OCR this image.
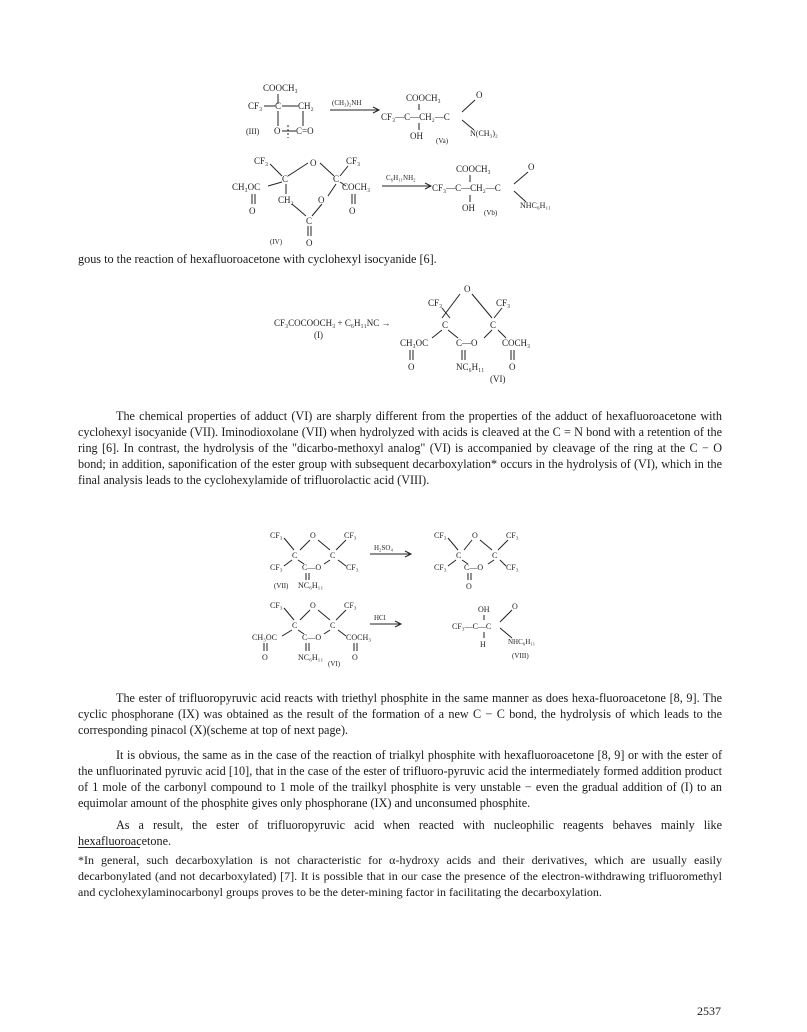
COOCH₃
CF₃ C CH₂
(III) O C=O
(CH₃)₂NH	COOCH₃
CF₃—C—CH₂—C
O
N(CH₃)₂
OH (Va)
CF₃	O	CF₃
C	C
CH₃OC	COCH₃
O
CH₂	O
C
O
(IV)	O
C₆H₁₁NH₂
COOCH₃
CF₃—C—CH₂—C
O
NHC₆H₁₁
OH (Vb)

gous to the reaction of hexafluoroacetone with cyclohexyl isocyanide [6].

CF₃COCOOCH₃ + C₆H₁₁NC →
(I)
O
CF₃	CF₃
C	C
CH₃OC	C—O	COCH₃
O	NC₆H₁₁	O
(VI)

The chemical properties of adduct (VI) are sharply different from the properties of the adduct of hexafluoroacetone with cyclohexyl isocyanide (VII). Iminodioxolane (VII) when hydrolyzed with acids is cleaved at the C = N bond with a retention of the ring [6]. In contrast, the hydrolysis of the "dicarbo-methoxyl analog" (VI) is accompanied by cleavage of the ring at the C − O bond; in addition, saponification of the ester group with subsequent decarboxylation* occurs in the hydrolysis of (VI), which in the final analysis leads to the cyclohexylamide of trifluorolactic acid (VIII).

CF₃	O	CF₃
C	C
CF₃ C—O	CF₃
(VII) NC₆H₁₁
H₂SO₄
CF₃	O	CF₃
C	C
CF₃ C—O	CF₃
O
CF₃	O	CF₃
C	C
CH₃OC	C—O	COCH₃
O	NC₆H₁₁	O
(VI)
HCl
OH
CF₃—C—C
O
NHC₆H₁₁
H
(VIII)

The ester of trifluoropyruvic acid reacts with triethyl phosphite in the same manner as does hexa-fluoroacetone [8, 9]. The cyclic phosphorane (IX) was obtained as the result of the formation of a new C − C bond, the hydrolysis of which leads to the corresponding pinacol (X)(scheme at top of next page).

It is obvious, the same as in the case of the reaction of trialkyl phosphite with hexafluoroacetone [8, 9] or with the ester of the unfluorinated pyruvic acid [10], that in the case of the ester of trifluoro-pyruvic acid the intermediately formed addition product of 1 mole of the carbonyl compound to 1 mole of the trailkyl phosphite is very unstable − even the gradual addition of (I) to an equimolar amount of the phosphite gives only phosphorane (IX) and unconsumed phosphite.

As a result, the ester of trifluoropyruvic acid when reacted with nucleophilic reagents behaves mainly like hexafluoroacetone.

*In general, such decarboxylation is not characteristic for α-hydroxy acids and their derivatives, which are usually easily decarbonylated (and not decarboxylated) [7]. It is possible that in our case the presence of the electron-withdrawing trifluoromethyl and cyclohexylaminocarbonyl groups proves to be the deter-mining factor in facilitating the decarboxylation.

2537
